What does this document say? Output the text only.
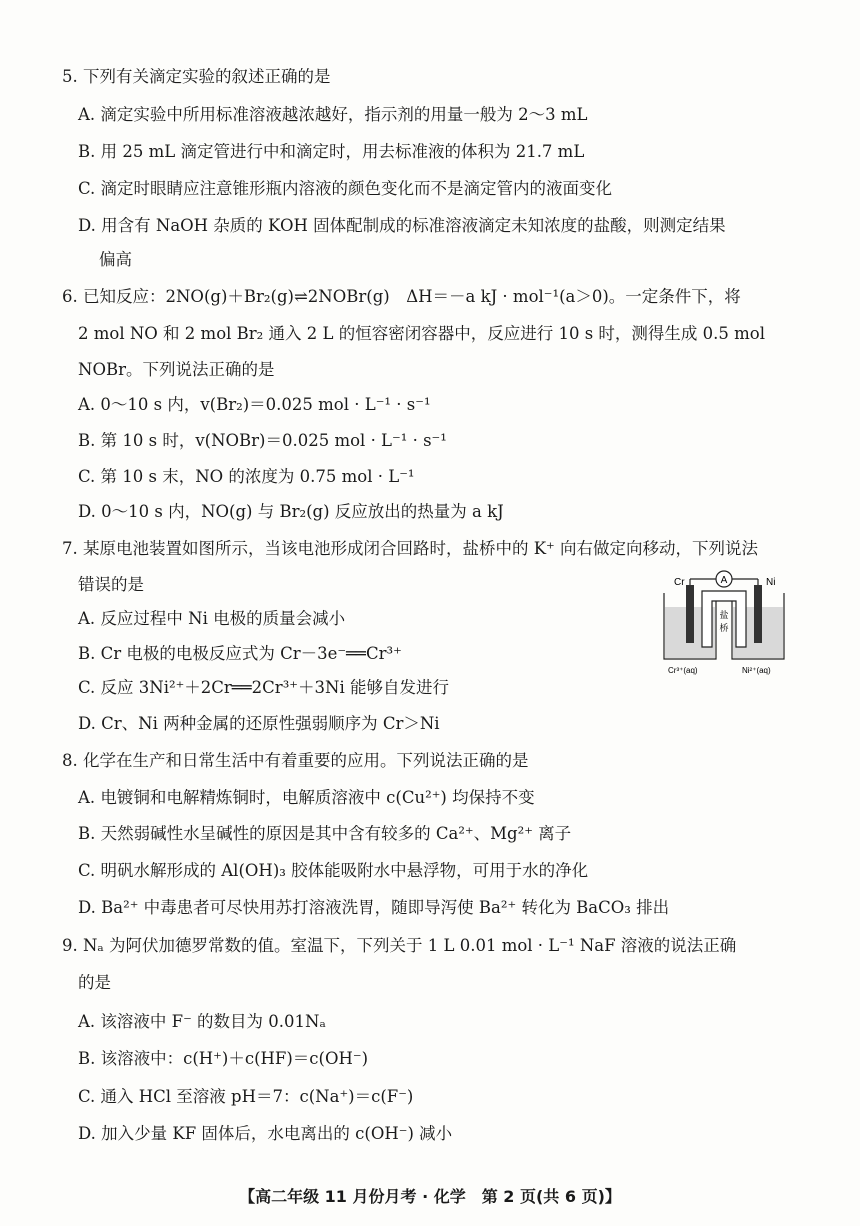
5. 下列有关滴定实验的叙述正确的是
A. 滴定实验中所用标准溶液越浓越好，指示剂的用量一般为 2～3 mL
B. 用 25 mL 滴定管进行中和滴定时，用去标准液的体积为 21.7 mL
C. 滴定时眼睛应注意锥形瓶内溶液的颜色变化而不是滴定管内的液面变化
D. 用含有 NaOH 杂质的 KOH 固体配制成的标准溶液滴定未知浓度的盐酸，则测定结果
偏高
6. 已知反应：2NO(g)＋Br₂(g)⇌2NOBr(g)　ΔH＝－a kJ · mol⁻¹(a＞0)。一定条件下，将
2 mol NO 和 2 mol Br₂ 通入 2 L 的恒容密闭容器中，反应进行 10 s 时，测得生成 0.5 mol
NOBr。下列说法正确的是
A. 0～10 s 内，v(Br₂)＝0.025 mol · L⁻¹ · s⁻¹
B. 第 10 s 时，v(NOBr)＝0.025 mol · L⁻¹ · s⁻¹
C. 第 10 s 末，NO 的浓度为 0.75 mol · L⁻¹
D. 0～10 s 内，NO(g) 与 Br₂(g) 反应放出的热量为 a kJ
7. 某原电池装置如图所示，当该电池形成闭合回路时，盐桥中的 K⁺ 向右做定向移动，下列说法
错误的是
A. 反应过程中 Ni 电极的质量会减小
B. Cr 电极的电极反应式为 Cr－3e⁻══Cr³⁺
C. 反应 3Ni²⁺＋2Cr══2Cr³⁺＋3Ni 能够自发进行
D. Cr、Ni 两种金属的还原性强弱顺序为 Cr＞Ni
8. 化学在生产和日常生活中有着重要的应用。下列说法正确的是
A. 电镀铜和电解精炼铜时，电解质溶液中 c(Cu²⁺) 均保持不变
B. 天然弱碱性水呈碱性的原因是其中含有较多的 Ca²⁺、Mg²⁺ 离子
C. 明矾水解形成的 Al(OH)₃ 胶体能吸附水中悬浮物，可用于水的净化
D. Ba²⁺ 中毒患者可尽快用苏打溶液洗胃，随即导泻使 Ba²⁺ 转化为 BaCO₃ 排出
9. Nₐ 为阿伏加德罗常数的值。室温下，下列关于 1 L 0.01 mol · L⁻¹ NaF 溶液的说法正确
的是
A. 该溶液中 F⁻ 的数目为 0.01Nₐ
B. 该溶液中：c(H⁺)＋c(HF)＝c(OH⁻)
C. 通入 HCl 至溶液 pH＝7：c(Na⁺)＝c(F⁻)
D. 加入少量 KF 固体后，水电离出的 c(OH⁻) 减小
A
Cr	Ni
盐
桥
Cr³⁺(aq)	Ni²⁺(aq)
【高二年级 11 月份月考 · 化学　第 2 页(共 6 页)】
